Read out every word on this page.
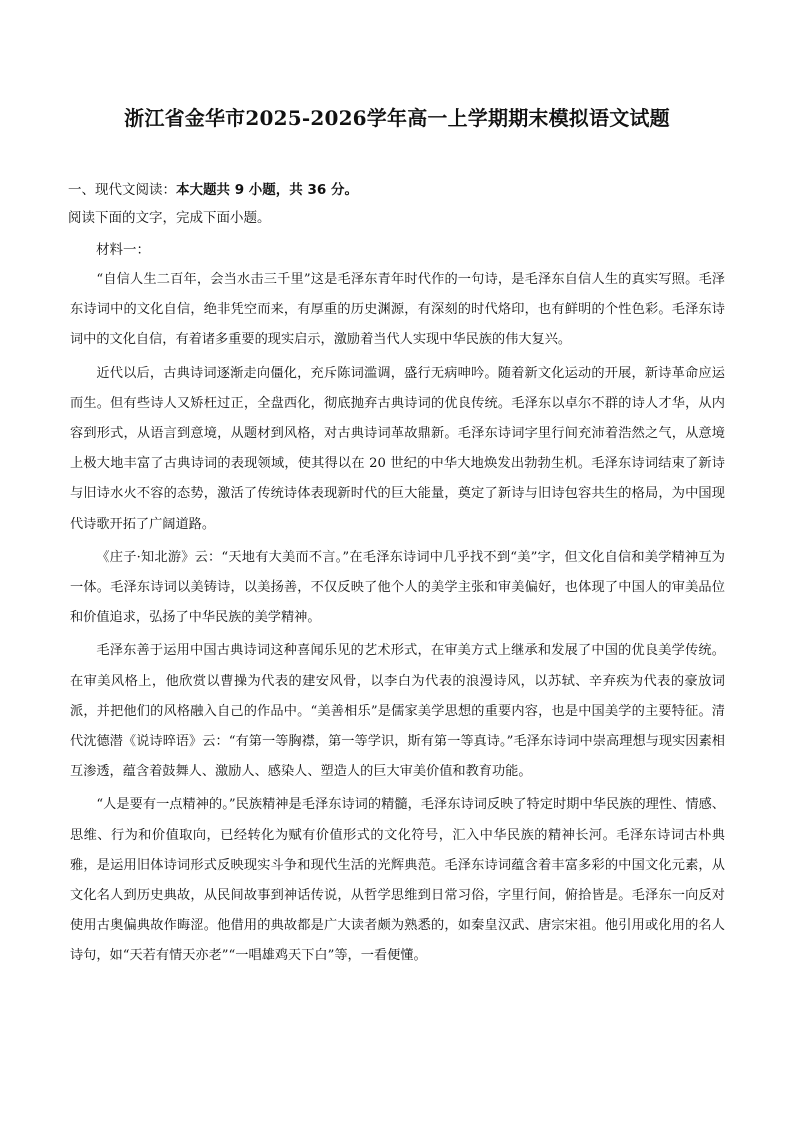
浙江省金华市2025-2026学年高一上学期期末模拟语文试题
一、现代文阅读：本大题共 9 小题，共 36 分。
阅读下面的文字，完成下面小题。
材料一：

“自信人生二百年，会当水击三千里”这是毛泽东青年时代作的一句诗，是毛泽东自信人生的真实写照。毛泽东诗词中的文化自信，绝非凭空而来，有厚重的历史渊源，有深刻的时代烙印，也有鲜明的个性色彩。毛泽东诗词中的文化自信，有着诸多重要的现实启示，激励着当代人实现中华民族的伟大复兴。

近代以后，古典诗词逐渐走向僵化，充斥陈词滥调，盛行无病呻吟。随着新文化运动的开展，新诗革命应运而生。但有些诗人又矫枉过正，全盘西化，彻底抛弃古典诗词的优良传统。毛泽东以卓尔不群的诗人才华，从内容到形式，从语言到意境，从题材到风格，对古典诗词革故鼎新。毛泽东诗词字里行间充沛着浩然之气，从意境上极大地丰富了古典诗词的表现领域，使其得以在 20 世纪的中华大地焕发出勃勃生机。毛泽东诗词结束了新诗与旧诗水火不容的态势，激活了传统诗体表现新时代的巨大能量，奠定了新诗与旧诗包容共生的格局，为中国现代诗歌开拓了广阔道路。

《庄子·知北游》云：“天地有大美而不言。”在毛泽东诗词中几乎找不到“美”字，但文化自信和美学精神互为一体。毛泽东诗词以美铸诗，以美扬善，不仅反映了他个人的美学主张和审美偏好，也体现了中国人的审美品位和价值追求，弘扬了中华民族的美学精神。

毛泽东善于运用中国古典诗词这种喜闻乐见的艺术形式，在审美方式上继承和发展了中国的优良美学传统。在审美风格上，他欣赏以曹操为代表的建安风骨，以李白为代表的浪漫诗风，以苏轼、辛弃疾为代表的豪放词派，并把他们的风格融入自己的作品中。“美善相乐”是儒家美学思想的重要内容，也是中国美学的主要特征。清代沈德潜《说诗晬语》云：“有第一等胸襟，第一等学识，斯有第一等真诗。”毛泽东诗词中崇高理想与现实因素相互渗透，蕴含着鼓舞人、激励人、感染人、塑造人的巨大审美价值和教育功能。

“人是要有一点精神的。”民族精神是毛泽东诗词的精髓，毛泽东诗词反映了特定时期中华民族的理性、情感、思维、行为和价值取向，已经转化为赋有价值形式的文化符号，汇入中华民族的精神长河。毛泽东诗词古朴典雅，是运用旧体诗词形式反映现实斗争和现代生活的光辉典范。毛泽东诗词蕴含着丰富多彩的中国文化元素，从文化名人到历史典故，从民间故事到神话传说，从哲学思维到日常习俗，字里行间，俯拾皆是。毛泽东一向反对使用古奥偏典故作晦涩。他借用的典故都是广大读者颇为熟悉的，如秦皇汉武、唐宗宋祖。他引用或化用的名人诗句，如“天若有情天亦老”“一唱雄鸡天下白”等，一看便懂。
